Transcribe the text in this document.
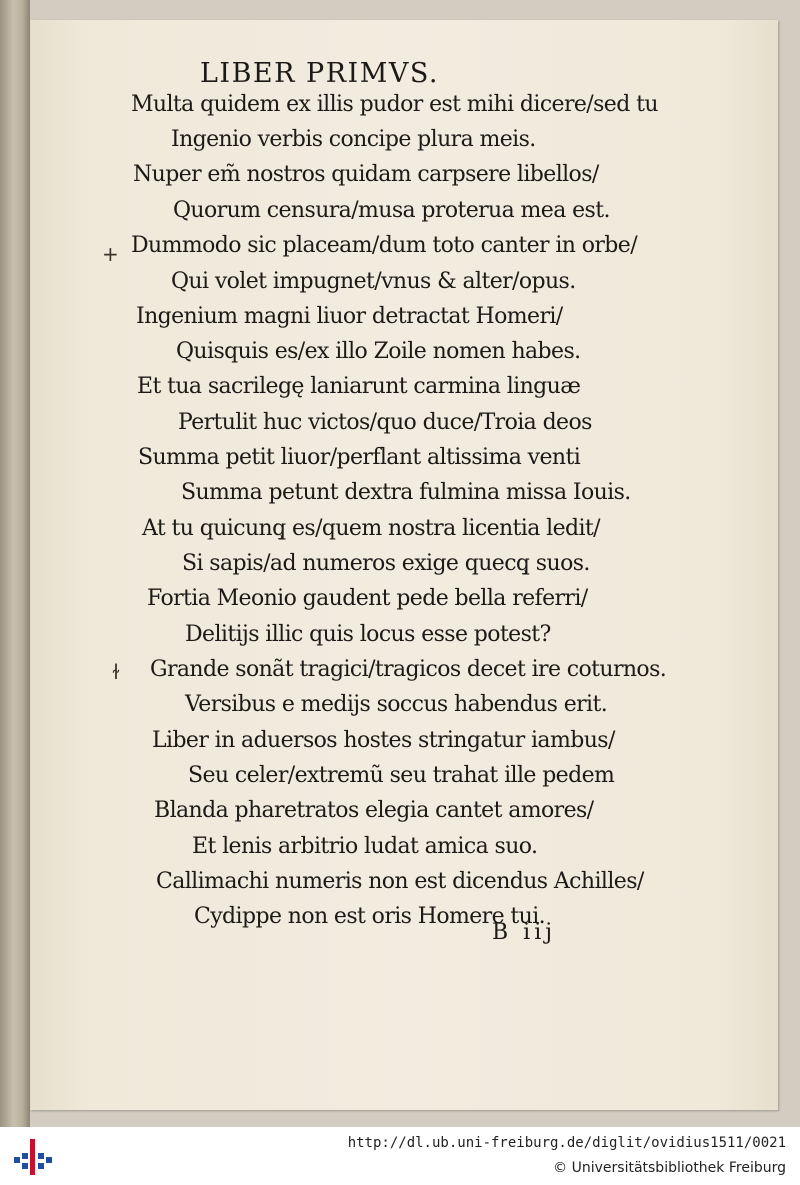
LIBER PRIMVS.
Multa quidem ex illis pudor est mihi dicere/sed tu
Ingenio verbis concipe plura meis.
Nuper em̃ nostros quidam carpsere libellos/
Quorum censura/musa proterua mea est.
Dummodo sic placeam/dum toto canter in orbe/
Qui volet impugnet/vnus & alter/opus.
Ingenium magni liuor detractat Homeri/
Quisquis es/ex illo Zoile nomen habes.
Et tua sacrilegę laniarunt carmina linguæ
Pertulit huc victos/quo duce/Troia deos
Summa petit liuor/perflant altissima venti
Summa petunt dextra fulmina missa Iouis.
At tu quicunq̧ es/quem nostra licentia ledit/
Si sapis/ad numeros exige quecq̧ suos.
Fortia Meonio gaudent pede bella referri/
Delitijs illic quis locus esse potest?
Grande sonãt tragici/tragicos decet ire coturnos.
Versibus e medijs soccus habendus erit.
Liber in aduersos hostes stringatur iambus/
Seu celer/extremũ seu trahat ille pedem
Blanda pharetratos elegia cantet amores/
Et lenis arbitrio ludat amica suo.
Callimachi numeris non est dicendus Achilles/
Cydippe non est oris Homere tui.
+
ɫ
B iij
http://dl.ub.uni-freiburg.de/diglit/ovidius1511/0021
© Universitätsbibliothek Freiburg
